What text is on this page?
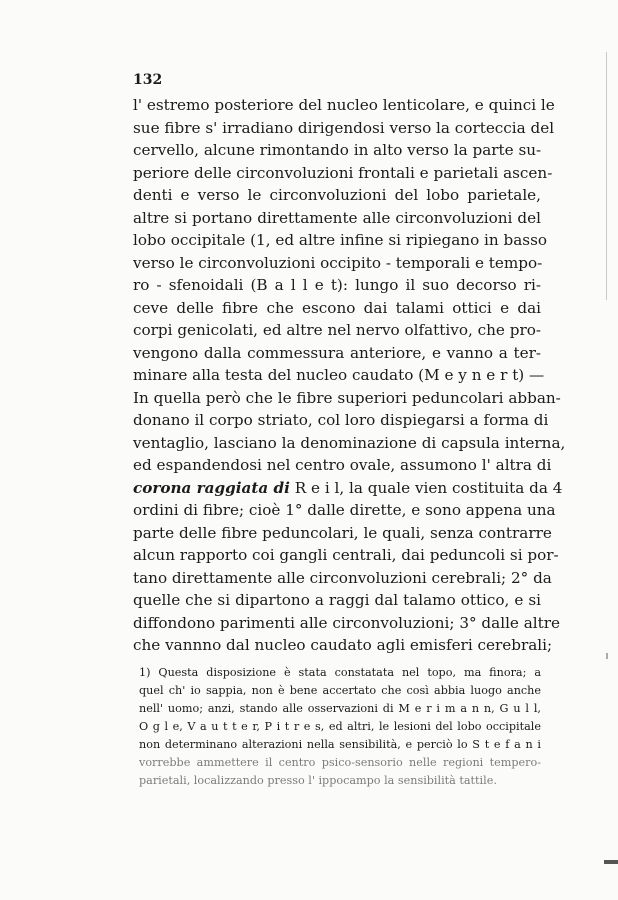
132
l' estremo posteriore del nucleo lenticolare, e quinci le
sue fibre s' irradiano dirigendosi verso la corteccia del
cervello, alcune rimontando in alto verso la parte su-
periore delle circonvoluzioni frontali e parietali ascen-
denti e verso le circonvoluzioni del lobo parietale,
altre si portano direttamente alle circonvoluzioni del
lobo occipitale (1, ed altre infine si ripiegano in basso
verso le circonvoluzioni occipito - temporali e tempo-
ro - sfenoidali (B a l l e t): lungo il suo decorso ri-
ceve delle fibre che escono dai talami ottici e dai
corpi genicolati, ed altre nel nervo olfattivo, che pro-
vengono dalla commessura anteriore, e vanno a ter-
minare alla testa del nucleo caudato (M e y n e r t) —
In quella però che le fibre superiori peduncolari abban-
donano il corpo striato, col loro dispiegarsi a forma di
ventaglio, lasciano la denominazione di capsula interna,
ed espandendosi nel centro ovale, assumono l' altra di
corona raggiata di R e i l, la quale vien costituita da 4
ordini di fibre; cioè 1° dalle dirette, e sono appena una
parte delle fibre peduncolari, le quali, senza contrarre
alcun rapporto coi gangli centrali, dai peduncoli si por-
tano direttamente alle circonvoluzioni cerebrali; 2° da
quelle che si dipartono a raggi dal talamo ottico, e si
diffondono parimenti alle circonvoluzioni; 3° dalle altre
che vannno dal nucleo caudato agli emisferi cerebrali;
1) Questa disposizione è stata constatata nel topo, ma finora; a
quel ch' io sappia, non è bene accertato che così abbia luogo anche
nell' uomo; anzi, stando alle osservazioni di M e r i m a n n, G u l l,
O g l e, V a u t t e r, P i t r e s, ed altri, le lesioni del lobo occipitale
non determinano alterazioni nella sensibilità, e perciò lo S t e f a n i
vorrebbe ammettere il centro psico-sensorio nelle regioni tempero-
parietali, localizzando presso l' ippocampo la sensibilità tattile.
